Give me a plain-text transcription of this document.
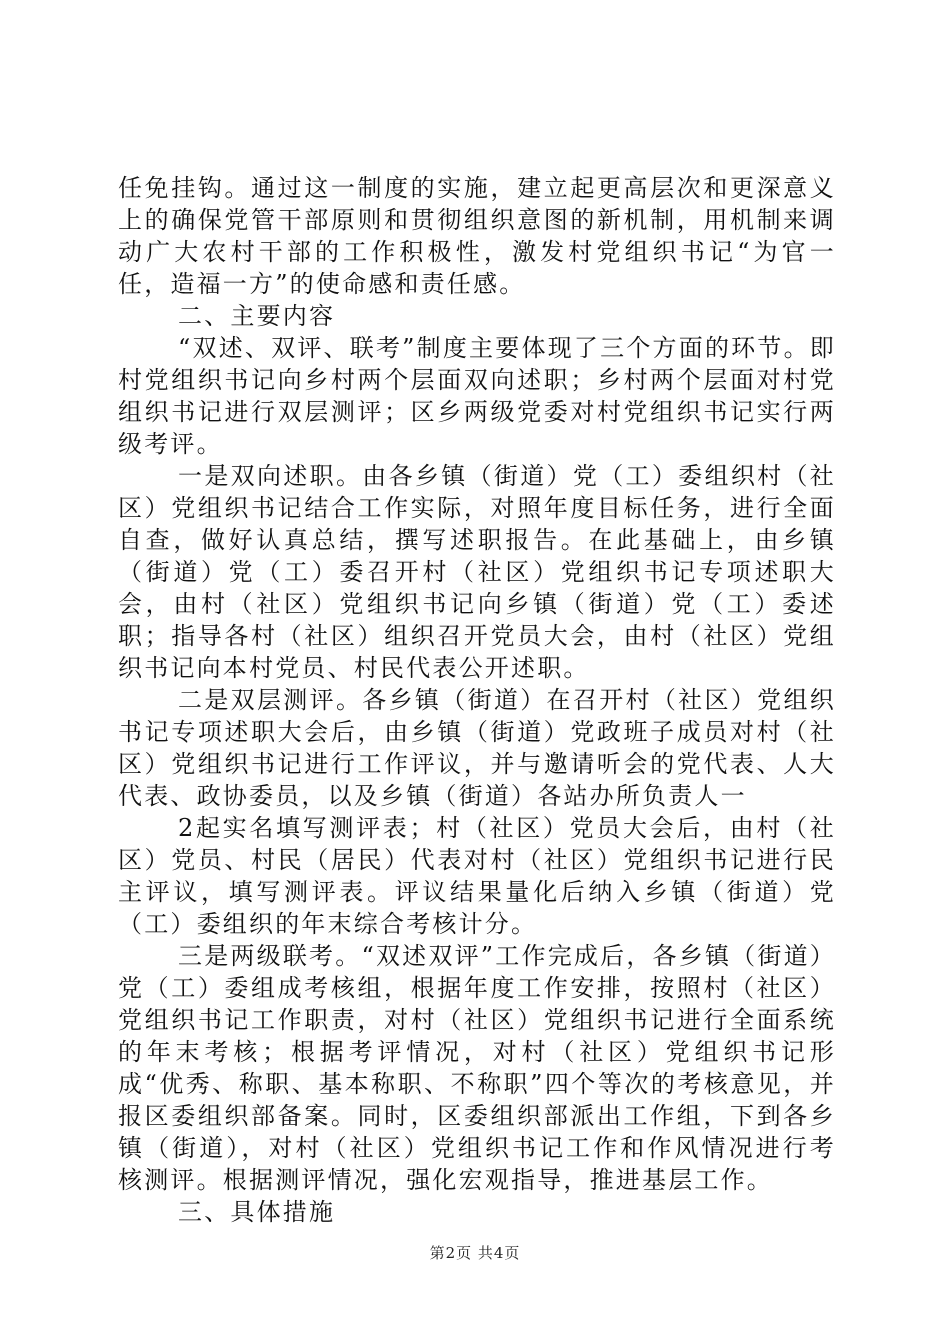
任免挂钩。通过这一制度的实施，建立起更高层次和更深意义上的确保党管干部原则和贯彻组织意图的新机制，用机制来调动广大农村干部的工作积极性，激发村党组织书记“为官一任，造福一方”的使命感和责任感。

二、主要内容

“双述、双评、联考”制度主要体现了三个方面的环节。即村党组织书记向乡村两个层面双向述职；乡村两个层面对村党组织书记进行双层测评；区乡两级党委对村党组织书记实行两级考评。

一是双向述职。由各乡镇（街道）党（工）委组织村（社区）党组织书记结合工作实际，对照年度目标任务，进行全面自查，做好认真总结，撰写述职报告。在此基础上，由乡镇（街道）党（工）委召开村（社区）党组织书记专项述职大会，由村（社区）党组织书记向乡镇（街道）党（工）委述职；指导各村（社区）组织召开党员大会，由村（社区）党组织书记向本村党员、村民代表公开述职。

二是双层测评。各乡镇（街道）在召开村（社区）党组织书记专项述职大会后，由乡镇（街道）党政班子成员对村（社区）党组织书记进行工作评议，并与邀请听会的党代表、人大代表、政协委员，以及乡镇（街道）各站办所负责人一

2起实名填写测评表；村（社区）党员大会后，由村（社区）党员、村民（居民）代表对村（社区）党组织书记进行民主评议，填写测评表。评议结果量化后纳入乡镇（街道）党（工）委组织的年末综合考核计分。

三是两级联考。“双述双评”工作完成后，各乡镇（街道）党（工）委组成考核组，根据年度工作安排，按照村（社区）党组织书记工作职责，对村（社区）党组织书记进行全面系统的年末考核；根据考评情况，对村（社区）党组织书记形成“优秀、称职、基本称职、不称职”四个等次的考核意见，并报区委组织部备案。同时，区委组织部派出工作组，下到各乡镇（街道），对村（社区）党组织书记工作和作风情况进行考核测评。根据测评情况，强化宏观指导，推进基层工作。

三、具体措施

第2页 共4页
